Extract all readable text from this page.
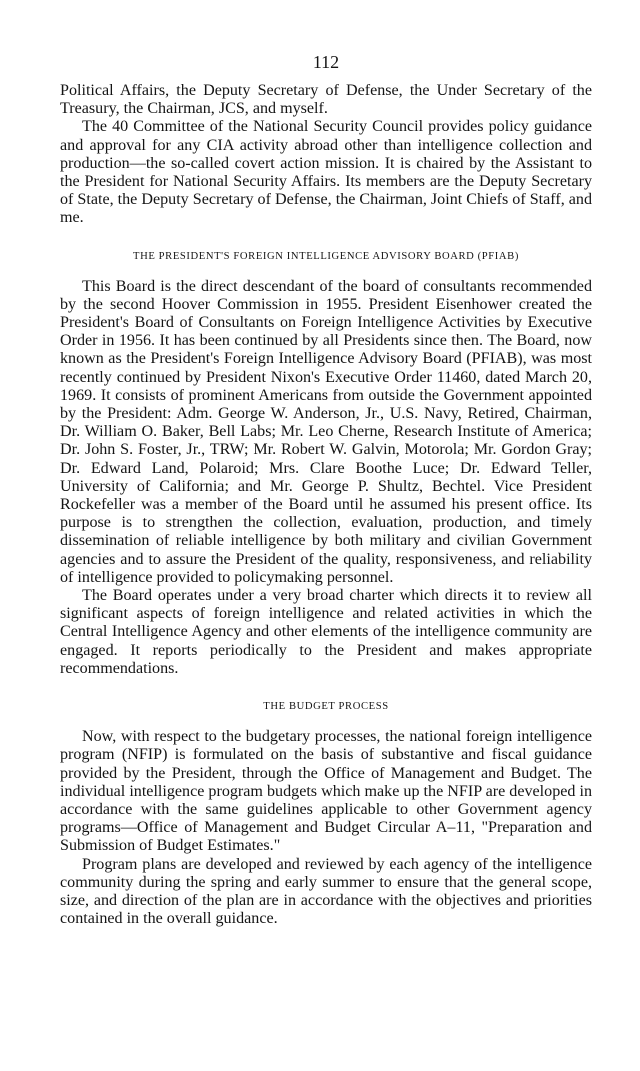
112

Political Affairs, the Deputy Secretary of Defense, the Under Secretary of the Treasury, the Chairman, JCS, and myself.

The 40 Committee of the National Security Council provides policy guidance and approval for any CIA activity abroad other than intelligence collection and production—the so-called covert action mission. It is chaired by the Assistant to the President for National Security Affairs. Its members are the Deputy Secretary of State, the Deputy Secretary of Defense, the Chairman, Joint Chiefs of Staff, and me.

THE PRESIDENT'S FOREIGN INTELLIGENCE ADVISORY BOARD (PFIAB)

This Board is the direct descendant of the board of consultants recommended by the second Hoover Commission in 1955. President Eisenhower created the President's Board of Consultants on Foreign Intelligence Activities by Executive Order in 1956. It has been continued by all Presidents since then. The Board, now known as the President's Foreign Intelligence Advisory Board (PFIAB), was most recently continued by President Nixon's Executive Order 11460, dated March 20, 1969. It consists of prominent Americans from outside the Government appointed by the President: Adm. George W. Anderson, Jr., U.S. Navy, Retired, Chairman, Dr. William O. Baker, Bell Labs; Mr. Leo Cherne, Research Institute of America; Dr. John S. Foster, Jr., TRW; Mr. Robert W. Galvin, Motorola; Mr. Gordon Gray; Dr. Edward Land, Polaroid; Mrs. Clare Boothe Luce; Dr. Edward Teller, University of California; and Mr. George P. Shultz, Bechtel. Vice President Rockefeller was a member of the Board until he assumed his present office. Its purpose is to strengthen the collection, evaluation, production, and timely dissemination of reliable intelligence by both military and civilian Government agencies and to assure the President of the quality, responsiveness, and reliability of intelligence provided to policymaking personnel.

The Board operates under a very broad charter which directs it to review all significant aspects of foreign intelligence and related activities in which the Central Intelligence Agency and other elements of the intelligence community are engaged. It reports periodically to the President and makes appropriate recommendations.

THE BUDGET PROCESS

Now, with respect to the budgetary processes, the national foreign intelligence program (NFIP) is formulated on the basis of substantive and fiscal guidance provided by the President, through the Office of Management and Budget. The individual intelligence program budgets which make up the NFIP are developed in accordance with the same guidelines applicable to other Government agency programs—Office of Management and Budget Circular A–11, "Preparation and Submission of Budget Estimates."

Program plans are developed and reviewed by each agency of the intelligence community during the spring and early summer to ensure that the general scope, size, and direction of the plan are in accordance with the objectives and priorities contained in the overall guidance.
